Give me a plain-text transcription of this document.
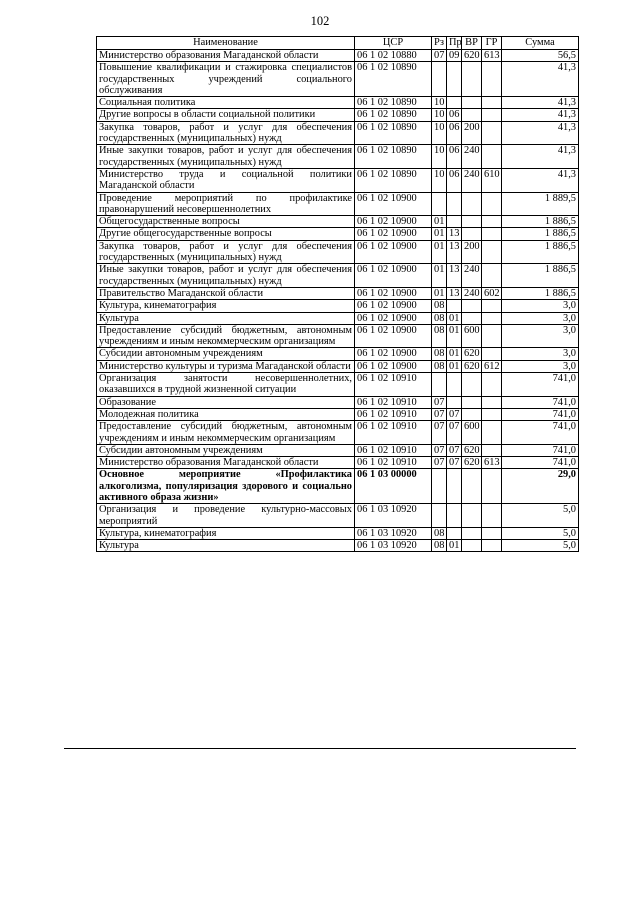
102
Наименование	ЦСР	Рз	Пр	ВР	ГР	Сумма
Министерство образования Магаданской области	06 1 02 10880	07	09	620	613	56,5
Повышение квалификации и стажировка специалистов государственных учреждений социального обслуживания	06 1 02 10890					41,3
Социальная политика	06 1 02 10890	10				41,3
Другие вопросы в области социальной политики	06 1 02 10890	10	06			41,3
Закупка товаров, работ и услуг для обеспечения государственных (муниципальных) нужд	06 1 02 10890	10	06	200		41,3
Иные закупки товаров, работ и услуг для обеспечения государственных (муниципальных) нужд	06 1 02 10890	10	06	240		41,3
Министерство труда и социальной политики Магаданской области	06 1 02 10890	10	06	240	610	41,3
Проведение мероприятий по профилактике правонарушений несовершеннолетних	06 1 02 10900					1 889,5
Общегосударственные вопросы	06 1 02 10900	01				1 886,5
Другие общегосударственные вопросы	06 1 02 10900	01	13			1 886,5
Закупка товаров, работ и услуг для обеспечения государственных (муниципальных) нужд	06 1 02 10900	01	13	200		1 886,5
Иные закупки товаров, работ и услуг для обеспечения государственных (муниципальных) нужд	06 1 02 10900	01	13	240		1 886,5
Правительство Магаданской области	06 1 02 10900	01	13	240	602	1 886,5
Культура, кинематография	06 1 02 10900	08				3,0
Культура	06 1 02 10900	08	01			3,0
Предоставление субсидий бюджетным, автономным учреждениям и иным некоммерческим организациям	06 1 02 10900	08	01	600		3,0
Субсидии автономным учреждениям	06 1 02 10900	08	01	620		3,0
Министерство культуры и туризма Магаданской области	06 1 02 10900	08	01	620	612	3,0
Организация занятости несовершеннолетних, оказавшихся в трудной жизненной ситуации	06 1 02 10910					741,0
Образование	06 1 02 10910	07				741,0
Молодежная политика	06 1 02 10910	07	07			741,0
Предоставление субсидий бюджетным, автономным учреждениям и иным некоммерческим организациям	06 1 02 10910	07	07	600		741,0
Субсидии автономным учреждениям	06 1 02 10910	07	07	620		741,0
Министерство образования Магаданской области	06 1 02 10910	07	07	620	613	741,0
Основное мероприятие «Профилактика алкоголизма, популяризация здорового и социально активного образа жизни»	06 1 03 00000					29,0
Организация и проведение культурно-массовых мероприятий	06 1 03 10920					5,0
Культура, кинематография	06 1 03 10920	08				5,0
Культура	06 1 03 10920	08	01			5,0
